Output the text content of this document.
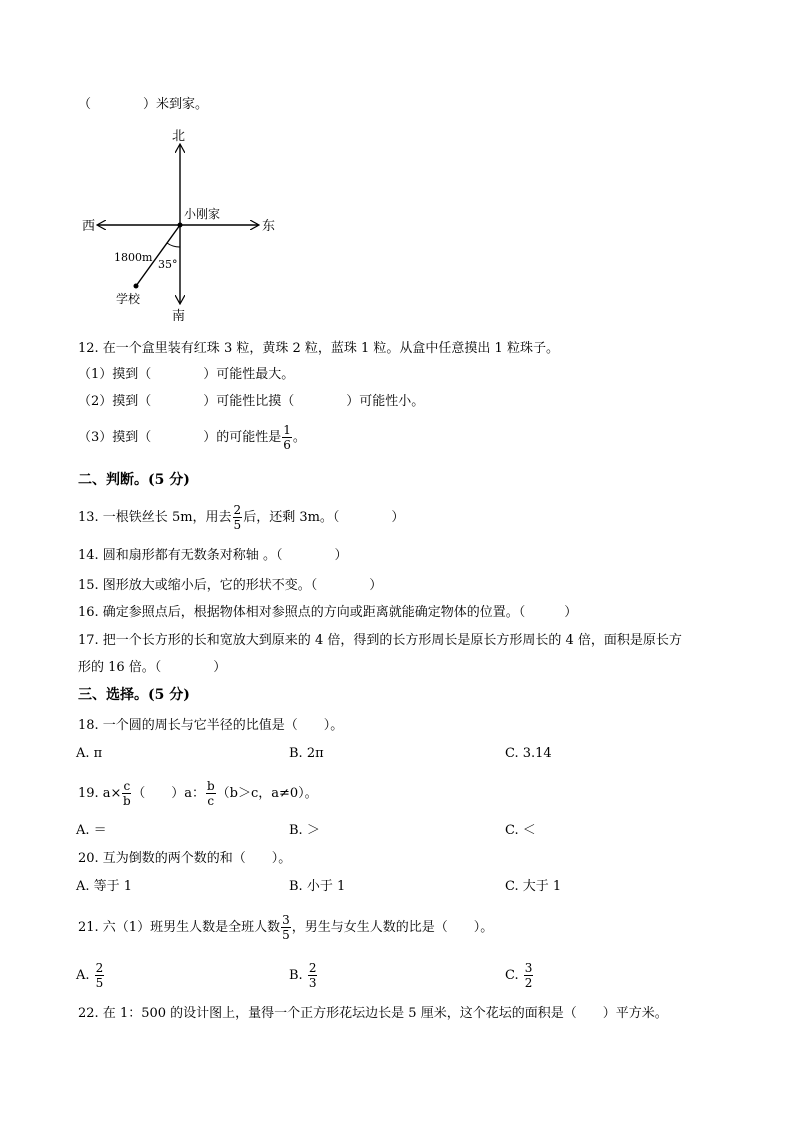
（　　　　）米到家。
北
南
西	东
小刚家
1800m
35°
学校
12. 在一个盒里装有红珠 3 粒，黄珠 2 粒，蓝珠 1 粒。从盒中任意摸出 1 粒珠子。
（1）摸到（　　　　）可能性最大。
（2）摸到（　　　　）可能性比摸（　　　　）可能性小。
（3）摸到（　　　　）的可能性是 $\frac{1}{6}$ 。
二、判断。(5 分)
13. 一根铁丝长 5m，用去 $\frac{2}{5}$ 后，还剩 3m。（　　　　）
14. 圆和扇形都有无数条对称轴 。（　　　　）
15. 图形放大或缩小后，它的形状不变。（　　　　）
16. 确定参照点后，根据物体相对参照点的方向或距离就能确定物体的位置。（　　　）
17. 把一个长方形的长和宽放大到原来的 4 倍，得到的长方形周长是原长方形周长的 4 倍，面积是原长方
形的 16 倍。（　　　　）
三、选择。(5 分)
18. 一个圆的周长与它半径的比值是（　　）。
A. π	B. 2π	C. 3.14
19. $a\times \frac{c}{b}$ （　　）a： $\frac{b}{c} (b>c$，a≠0）。
A. ＝	B. ＞	C. ＜
20. 互为倒数的两个数的和（　　）。
A. 等于 1	B. 小于 1	C. 大于 1
21. 六（1）班男生人数是全班人数 $\frac{3}{5}$ ，男生与女生人数的比是（　　）。
A. $\frac{2}{5}$	B. $\frac{2}{3}$	C. $\frac{3}{2}$
22. 在 1：500 的设计图上，量得一个正方形花坛边长是 5 厘米，这个花坛的面积是（　　）平方米。
